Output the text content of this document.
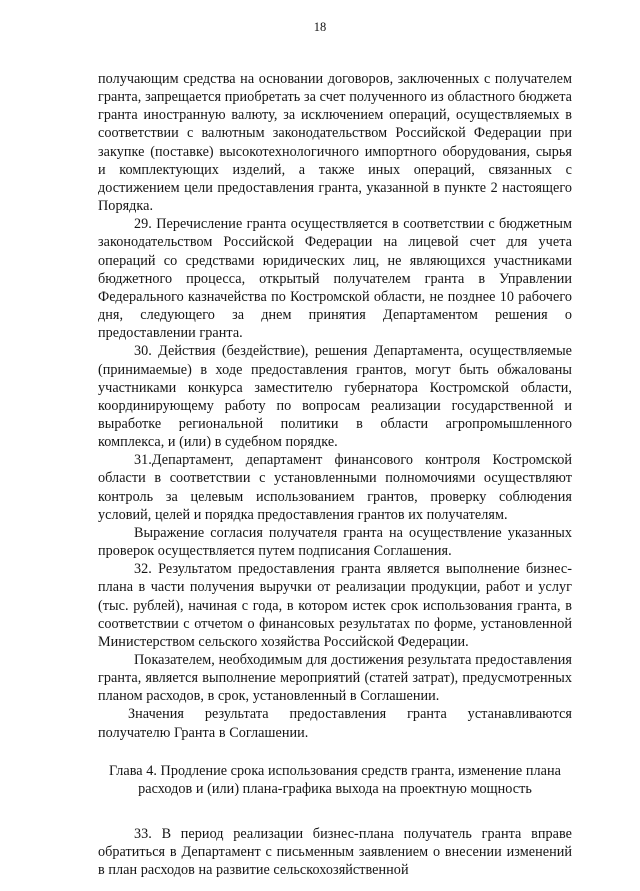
18

получающим средства на основании договоров, заключенных с получателем гранта, запрещается приобретать за счет полученного из областного бюджета гранта иностранную валюту, за исключением операций, осуществляемых в соответствии с валютным законодательством Российской Федерации при закупке (поставке) высокотехнологичного импортного оборудования, сырья и комплектующих изделий, а также иных операций, связанных с достижением цели предоставления гранта, указанной в пункте 2 настоящего Порядка.

29. Перечисление гранта осуществляется в соответствии с бюджетным законодательством Российской Федерации на лицевой счет для учета операций со средствами юридических лиц, не являющихся участниками бюджетного процесса, открытый получателем гранта в Управлении Федерального казначейства по Костромской области, не позднее 10 рабочего дня, следующего за днем принятия Департаментом решения о предоставлении гранта.

30. Действия (бездействие), решения Департамента, осуществляемые (принимаемые) в ходе предоставления грантов, могут быть обжалованы участниками конкурса заместителю губернатора Костромской области, координирующему работу по вопросам реализации государственной и выработке региональной политики в области агропромышленного комплекса, и (или) в судебном порядке.

31.Департамент, департамент финансового контроля Костромской области в соответствии с установленными полномочиями осуществляют контроль за целевым использованием грантов, проверку соблюдения условий, целей и порядка предоставления грантов их получателям.

Выражение согласия получателя гранта на осуществление указанных проверок осуществляется путем подписания Соглашения.

32. Результатом предоставления гранта является выполнение бизнес-плана в части получения выручки от реализации продукции, работ и услуг (тыс. рублей), начиная с года, в котором истек срок использования гранта, в соответствии с отчетом о финансовых результатах по форме, установленной Министерством сельского хозяйства Российской Федерации.

Показателем, необходимым для достижения результата предоставления гранта, является выполнение мероприятий (статей затрат), предусмотренных планом расходов, в срок, установленный в Соглашении.

Значения результата предоставления гранта устанавливаются получателю Гранта в Соглашении.

Глава 4. Продление срока использования средств гранта, изменение плана
расходов и (или) плана-графика выхода на проектную мощность

33. В период реализации бизнес-плана получатель гранта вправе обратиться в Департамент с письменным заявлением о внесении изменений в план расходов на развитие сельскохозяйственной
